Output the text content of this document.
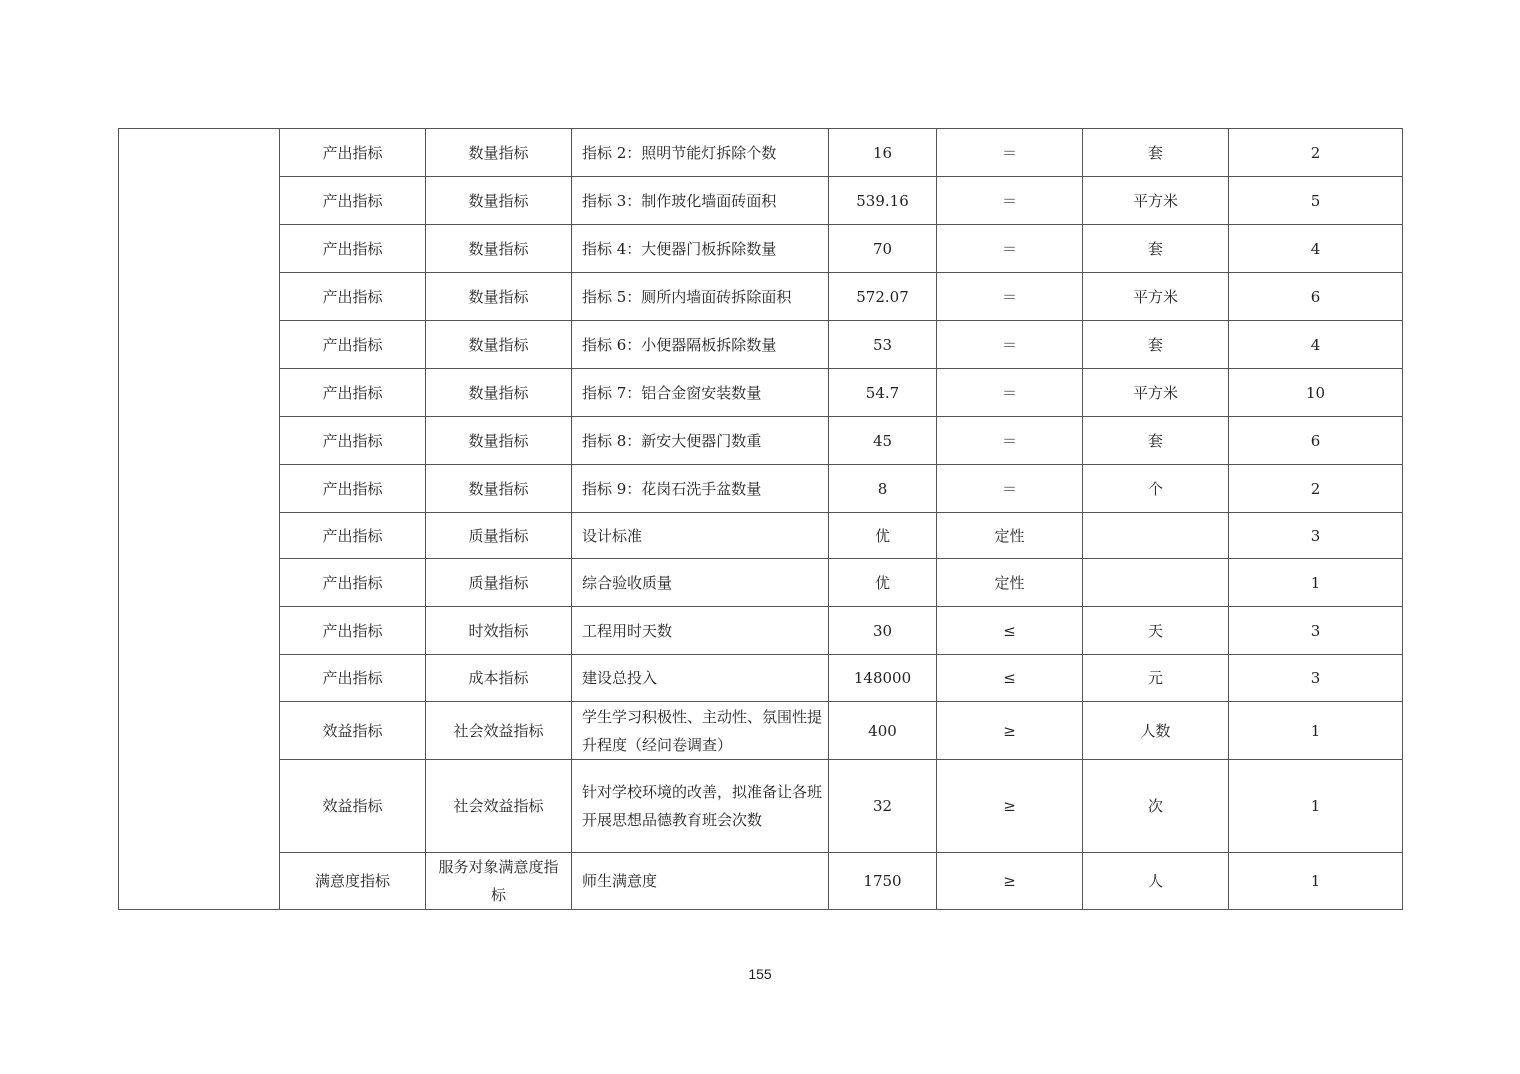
	产出指标	数量指标	指标 2：照明节能灯拆除个数	16	＝	套	2
	产出指标	数量指标	指标 3：制作玻化墙面砖面积	539.16	＝	平方米	5
	产出指标	数量指标	指标 4：大便器门板拆除数量	70	＝	套	4
	产出指标	数量指标	指标 5：厕所内墙面砖拆除面积	572.07	＝	平方米	6
	产出指标	数量指标	指标 6：小便器隔板拆除数量	53	＝	套	4
	产出指标	数量指标	指标 7：铝合金窗安装数量	54.7	＝	平方米	10
	产出指标	数量指标	指标 8：新安大便器门数重	45	＝	套	6
	产出指标	数量指标	指标 9：花岗石洗手盆数量	8	＝	个	2
	产出指标	质量指标	设计标准	优	定性		3
	产出指标	质量指标	综合验收质量	优	定性		1
	产出指标	时效指标	工程用时天数	30	≤	天	3
	产出指标	成本指标	建设总投入	148000	≤	元	3
	效益指标	社会效益指标	学生学习积极性、主动性、氛围性提升程度（经问卷调查）	400	≥	人数	1
	效益指标	社会效益指标	针对学校环境的改善，拟准备让各班开展思想品德教育班会次数	32	≥	次	1
	满意度指标	服务对象满意度指标	师生满意度	1750	≥	人	1
155
